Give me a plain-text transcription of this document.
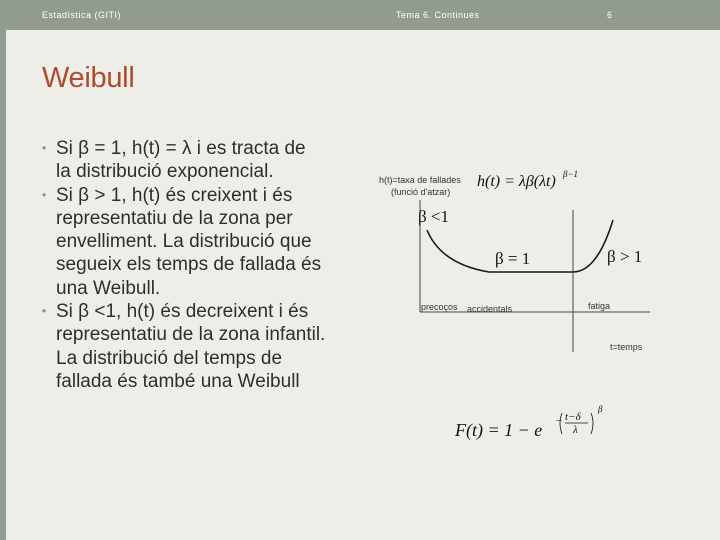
Estadística (GITI)	Tema 6. Continues	6
Weibull
• Si β = 1, h(t) = λ i es tracta de
la distribució exponencial.
• Si β > 1, h(t) és creixent i és
representatiu de la zona per
envelliment. La distribució que
segueix els temps de fallada és
una Weibull.
• Si β <1, h(t) és decreixent i és
representatiu de la zona infantil.
La distribució del temps de
fallada és també una Weibull
h(t)=taxa de fallades
(funció d'atzar)
h(t) = λβ(λt) β−1
β <1
β = 1	β > 1
precoços accidentals	fatiga
t=temps
F(t) = 1 − e − t−δ
λ
β
